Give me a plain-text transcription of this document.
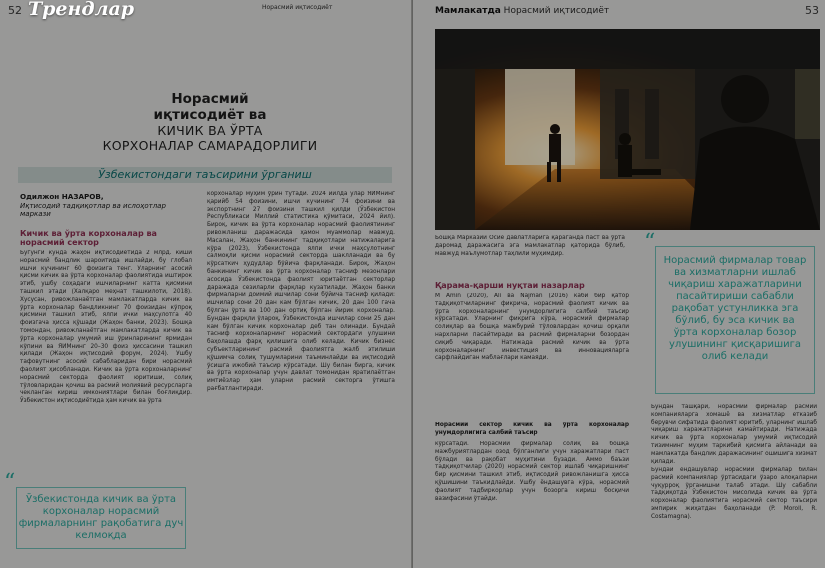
52	Норасмий иқтисодиёт
Норасмий
иқтисодиёт ва
КИЧИК ВА ЎРТА
КОРХОНАЛАР САМАРАДОРЛИГИ
Ўзбекистондаги таъсирини ўрганиш
Одилжон НАЗАРОВ,
Иқтисодий тадқиқотлар ва ислоҳотлар маркази
Кичик ва ўрта корхоналар ва норасмий сектор
Бугунги кунда жаҳон иқтисодиётида 2 млрд. киши норасмий бандлик шароитида ишлайди, бу глобал ишчи кучининг 60 фоизига тенг. Уларнинг асосий қисми кичик ва ўрта корхоналар фаолиятида иштирок этиб, ушбу соҳадаги ишчиларнинг катта қисмини ташкил этади (Халқаро меҳнат ташкилоти, 2018). Хусусан, ривожланаётган мамлакатларда кичик ва ўрта корхоналар бандликнинг 70 фоизидан кўпроқ қисмини ташкил этиб, ялпи ички маҳсулотга 40 фоизгача ҳисса қўшади (Жаҳон банки, 2023). Бошқа томондан, ривожланаётган мамлакатларда кичик ва ўрта корхоналар умумий иш ўринларининг ярмидан кўпини ва ЯИМнинг 20–30 фоиз ҳиссасини ташкил қилади (Жаҳон иқтисодий форум, 2024). Ушбу тафовутнинг асосий сабабларидан бири норасмий фаолият ҳисобланади. Кичик ва ўрта корхоналарнинг норасмий секторда фаолият юритиши, солиқ тўловларидан қочиш ва расмий молиявий ресурсларга чекланган кириш имкониятлари билан боғлиқдир. Ўзбекистон иқтисодиётида ҳам кичик ва ўрта
корхоналар муҳим ўрин тутади. 2024 йилда улар ЯИМнинг қарийб 54 фоизини, ишчи кучининг 74 фоизини ва экспортнинг 27 фоизини ташкил қилди (Ўзбекистон Республикаси Миллий статистика қўмитаси, 2024 йил). Бироқ, кичик ва ўрта корхоналар норасмий фаолиятининг ривожланиш даражасида ҳамон муаммолар мавжуд. Масалан, Жаҳон банкининг тадқиқотлари натижаларига кўра (2023), Ўзбекистонда ялпи ички маҳсулотнинг салмоқли қисми норасмий секторда шаклланади ва бу кўрсаткич ҳудудлар бўйича фарқланади. Бироқ, Жаҳон банкининг кичик ва ўрта корхоналар тасниф мезонлари асосида Ўзбекистонда фаолият юритаётган секторлар даражада сезиларли фарқлар кузатилади. Жаҳон банки фирмаларни доимий ишчилар сони бўйича тасниф қилади: ишчилар сони 20 дан кам бўлган кичик, 20 дан 100 гача бўлган ўрта ва 100 дан ортиқ бўлган йирик корхоналар. Бундан фарқли ўлароқ, Ўзбекистонда ишчилар сони 25 дан кам бўлган кичик корхоналар деб тан олинади. Бундай тасниф корхоналарнинг норасмий сектордаги улушини баҳолашда фарқ қилишига олиб келади. Кичик бизнес субъектларининг расмий фаолиятга жалб этилиши қўшимча солиқ тушумларини таъминлайди ва иқтисодий ўсишга ижобий таъсир кўрсатади. Шу билан бирга, кичик ва ўрта корхоналар учун давлат томонидан яратилаётган имтиёзлар ҳам уларни расмий секторга ўтишга рағбатлантиради.
“
Ўзбекистонда кичик ва ўрта корхоналар норасмий фирмаларнинг рақобатига дуч келмоқда
Мамлакатда Норасмий иқтисодиёт	53
Бошқа Марказий Осиё давлатларига қараганда паст ва ўрта даромад даражасига эга мамлакатлар қаторида бўлиб, мавжуд маълумотлар таҳлили муҳимдир.
Қарама-қарши нуқтаи назарлар
M Amin (2020), Ali ва Najman (2016) каби бир қатор тадқиқотчиларнинг фикрича, норасмий фаолият кичик ва ўрта корхоналарнинг унумдорлигига салбий таъсир кўрсатади. Уларнинг фикрига кўра, норасмий фирмалар солиқлар ва бошқа мажбурий тўловлардан қочиш орқали нархларни пасайтиради ва расмий фирмаларни бозордан сиқиб чиқаради. Натижада расмий кичик ва ўрта корхоналарнинг инвестиция ва инновацияларга сарфлайдиган маблағлари камаяди.
Норасмий сектор кичик ва ўрта корхоналар унумдорлигига салбий таъсир
кўрсатади. Норасмий фирмалар солиқ ва бошқа мажбуриятлардан озод бўлганлиги учун харажатлари паст бўлади ва рақобат муҳитини бузади. Аммо баъзи тадқиқотчилар (2020) норасмий сектор ишлаб чиқаришнинг бир қисмини ташкил этиб, иқтисодий ривожланишга ҳисса қўшишини таъкидлайди. Ушбу ёндашувга кўра, норасмий фаолият тадбиркорлар учун бозорга кириш босқичи вазифасини ўтайди.
“
Норасмий фирмалар товар ва хизматларни ишлаб чиқариш харажатларини пасайтириши сабабли рақобат устунликка эга бўлиб, бу эса кичик ва ўрта корхоналар бозор улушининг қисқаришига олиб келади
Бундан ташқари, норасмий фирмалар расмий компанияларга хомашё ва хизматлар етказиб берувчи сифатида фаолият юритиб, уларнинг ишлаб чиқариш харажатларини камайтиради. Натижада кичик ва ўрта корхоналар умумий иқтисодий тизимнинг муҳим таркибий қисмига айланади ва мамлакатда бандлик даражасининг ошишига хизмат қилади.
Бундай ёндашувлар норасмий фирмалар билан расмий компаниялар ўртасидаги ўзаро алоқаларни чуқурроқ ўрганишни талаб этади. Шу сабабли тадқиқотда Ўзбекистон мисолида кичик ва ўрта корхоналар фаолиятига норасмий сектор таъсири эмпирик жиҳатдан баҳоланади (P. Moroll, R. Costamagna).
Трендлар
